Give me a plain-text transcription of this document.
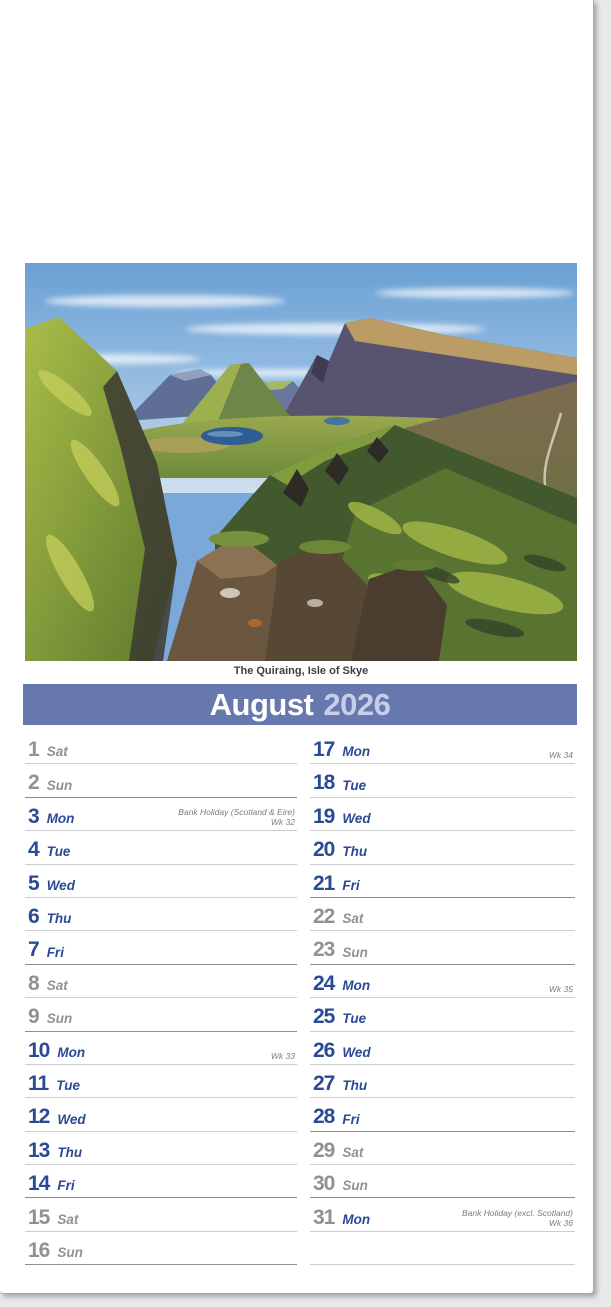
The Quiraing, Isle of Skye
August 2026
1 Sat
2 Sun
3 Mon	Bank Holiday (Scotland & Eire)
Wk 32
4 Tue
5 Wed
6 Thu
7 Fri
8 Sat
9 Sun
10 Mon	Wk 33
11 Tue
12 Wed
13 Thu
14 Fri
15 Sat
16 Sun
17 Mon	Wk 34
18 Tue
19 Wed
20 Thu
21 Fri
22 Sat
23 Sun
24 Mon	Wk 35
25 Tue
26 Wed
27 Thu
28 Fri
29 Sat
30 Sun
31 Mon	Bank Holiday (excl. Scotland)
Wk 36
